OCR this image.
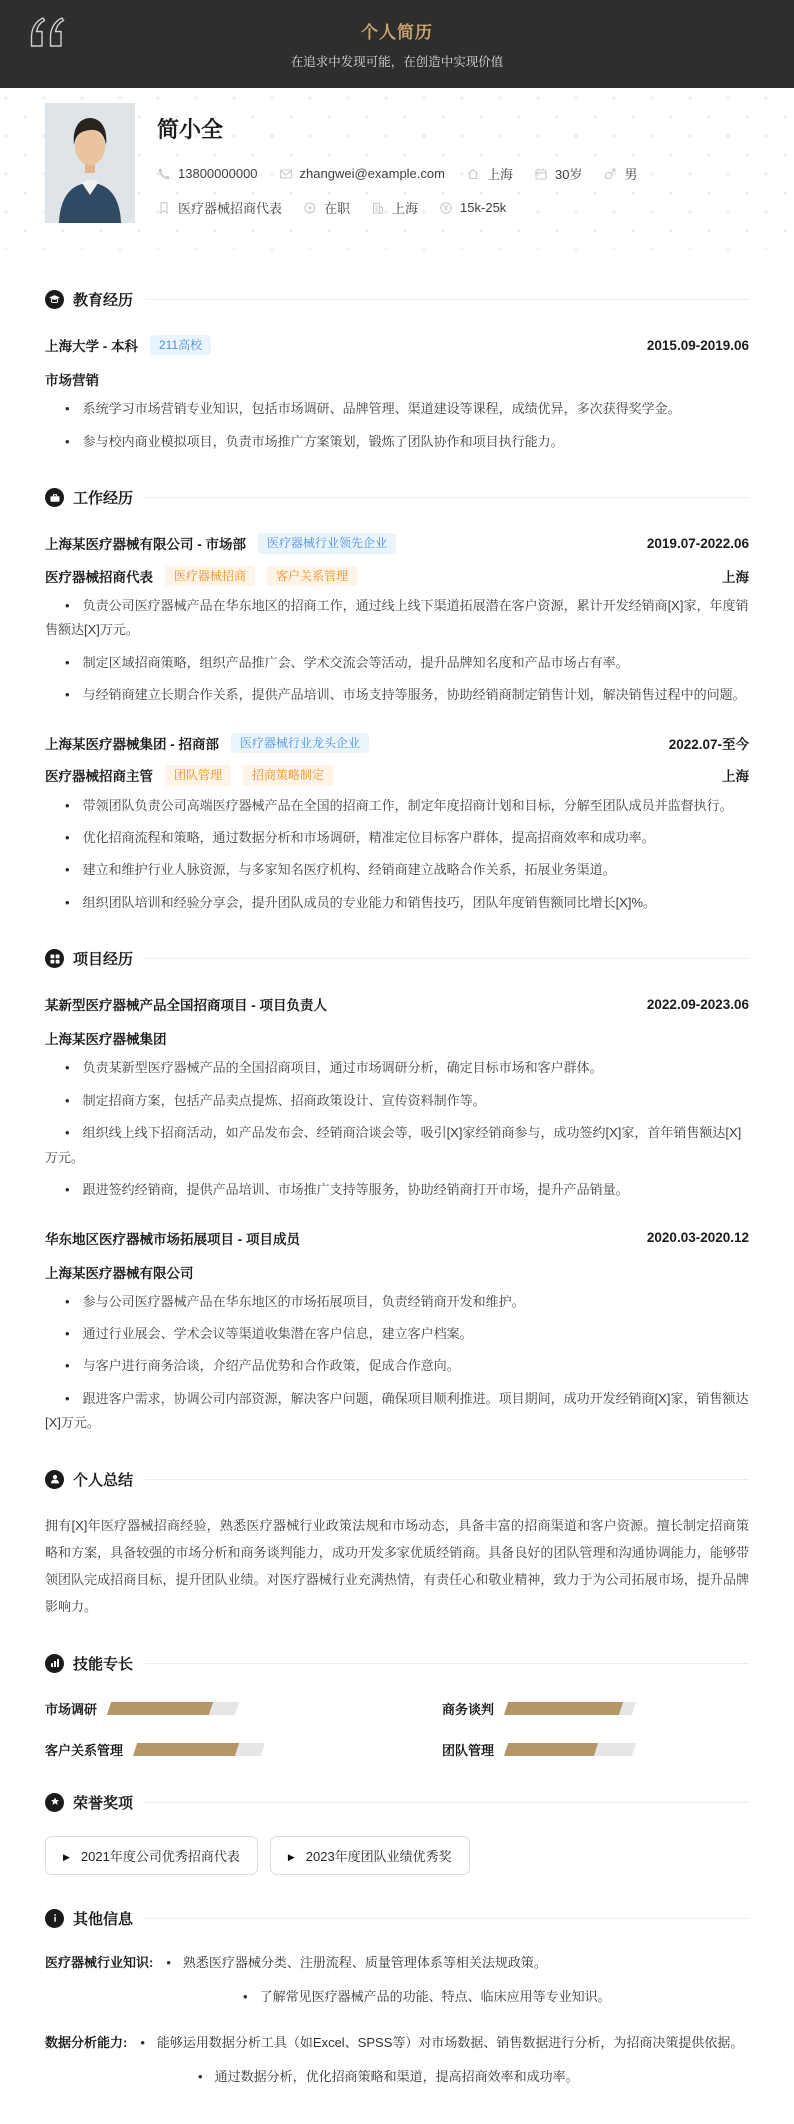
个人简历
在追求中发现可能，在创造中实现价值
简小全
13800000000	zhangwei@example.com	上海	30岁	男
医疗器械招商代表	在职	上海	15k-25k
教育经历
上海大学 - 本科	211高校	2015.09-2019.06

市场营销

• 系统学习市场营销专业知识，包括市场调研、品牌管理、渠道建设等课程，成绩优异，多次获得奖学金。

• 参与校内商业模拟项目，负责市场推广方案策划，锻炼了团队协作和项目执行能力。

工作经历
上海某医疗器械有限公司 - 市场部	医疗器械行业领先企业	2019.07-2022.06
医疗器械招商代表	医疗器械招商	客户关系管理	上海

• 负责公司医疗器械产品在华东地区的招商工作，通过线上线下渠道拓展潜在客户资源，累计开发经销商[X]家，年度销售额达[X]万元。

• 制定区域招商策略，组织产品推广会、学术交流会等活动，提升品牌知名度和产品市场占有率。

• 与经销商建立长期合作关系，提供产品培训、市场支持等服务，协助经销商制定销售计划，解决销售过程中的问题。

上海某医疗器械集团 - 招商部	医疗器械行业龙头企业	2022.07-至今
医疗器械招商主管	团队管理	招商策略制定	上海

• 带领团队负责公司高端医疗器械产品在全国的招商工作，制定年度招商计划和目标，分解至团队成员并监督执行。

• 优化招商流程和策略，通过数据分析和市场调研，精准定位目标客户群体，提高招商效率和成功率。

• 建立和维护行业人脉资源，与多家知名医疗机构、经销商建立战略合作关系，拓展业务渠道。

• 组织团队培训和经验分享会，提升团队成员的专业能力和销售技巧，团队年度销售额同比增长[X]%。

项目经历
某新型医疗器械产品全国招商项目 - 项目负责人	2022.09-2023.06

上海某医疗器械集团

• 负责某新型医疗器械产品的全国招商项目，通过市场调研分析，确定目标市场和客户群体。

• 制定招商方案，包括产品卖点提炼、招商政策设计、宣传资料制作等。

• 组织线上线下招商活动，如产品发布会、经销商洽谈会等，吸引[X]家经销商参与，成功签约[X]家，首年销售额达[X]万元。

• 跟进签约经销商，提供产品培训、市场推广支持等服务，协助经销商打开市场，提升产品销量。

华东地区医疗器械市场拓展项目 - 项目成员	2020.03-2020.12

上海某医疗器械有限公司

• 参与公司医疗器械产品在华东地区的市场拓展项目，负责经销商开发和维护。

• 通过行业展会、学术会议等渠道收集潜在客户信息，建立客户档案。

• 与客户进行商务洽谈，介绍产品优势和合作政策，促成合作意向。

• 跟进客户需求，协调公司内部资源，解决客户问题，确保项目顺利推进。项目期间，成功开发经销商[X]家，销售额达[X]万元。

个人总结

拥有[X]年医疗器械招商经验，熟悉医疗器械行业政策法规和市场动态，具备丰富的招商渠道和客户资源。擅长制定招商策略和方案，具备较强的市场分析和商务谈判能力，成功开发多家优质经销商。具备良好的团队管理和沟通协调能力，能够带领团队完成招商目标，提升团队业绩。对医疗器械行业充满热情，有责任心和敬业精神，致力于为公司拓展市场，提升品牌影响力。

技能专长
市场调研	商务谈判
客户关系管理	团队管理
荣誉奖项
▶
2021年度公司优秀招商代表 ▶	2023年度团队业绩优秀奖
其他信息

医疗器械行业知识: • 熟悉医疗器械分类、注册流程、质量管理体系等相关法规政策。

• 了解常见医疗器械产品的功能、特点、临床应用等专业知识。

数据分析能力: • 能够运用数据分析工具（如Excel、SPSS等）对市场数据、销售数据进行分析，为招商决策提供依据。

• 通过数据分析，优化招商策略和渠道，提高招商效率和成功率。
